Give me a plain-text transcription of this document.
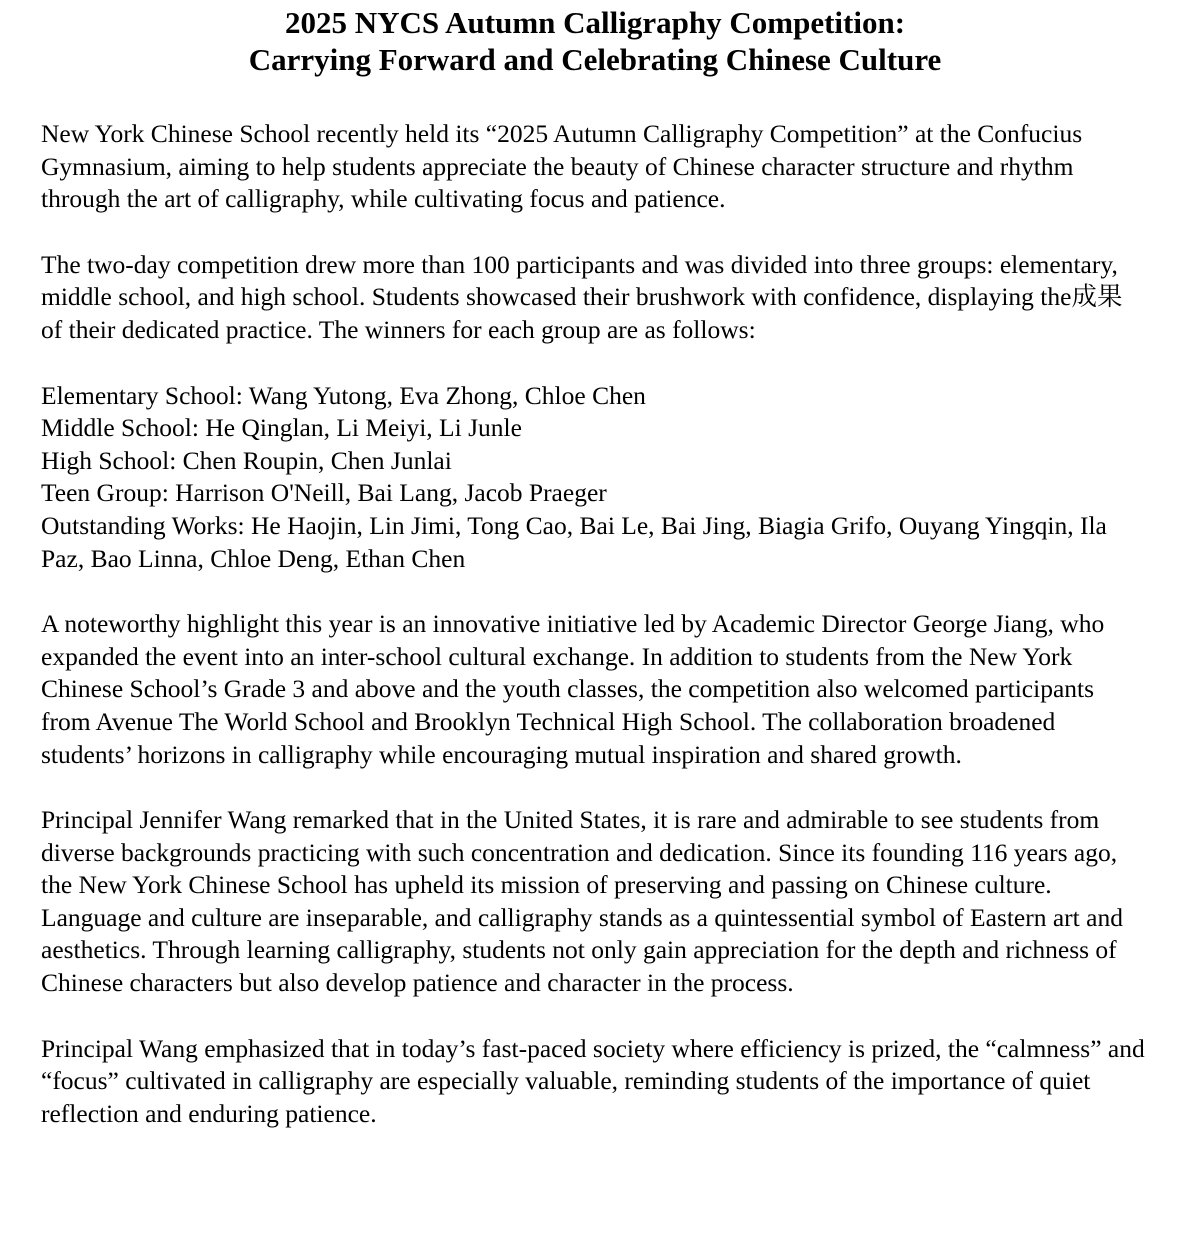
2025 NYCS Autumn Calligraphy Competition:
Carrying Forward and Celebrating Chinese Culture

New York Chinese School recently held its “2025 Autumn Calligraphy Competition” at the Confucius Gymnasium, aiming to help students appreciate the beauty of Chinese character structure and rhythm through the art of calligraphy, while cultivating focus and patience.

The two-day competition drew more than 100 participants and was divided into three groups: elementary, middle school, and high school. Students showcased their brushwork with confidence, displaying the成果 of their dedicated practice. The winners for each group are as follows:

Elementary School: Wang Yutong, Eva Zhong, Chloe Chen
Middle School: He Qinglan, Li Meiyi, Li Junle
High School: Chen Roupin, Chen Junlai
Teen Group: Harrison O'Neill, Bai Lang, Jacob Praeger
Outstanding Works: He Haojin, Lin Jimi, Tong Cao, Bai Le, Bai Jing, Biagia Grifo, Ouyang Yingqin, Ila Paz, Bao Linna, Chloe Deng, Ethan Chen

A noteworthy highlight this year is an innovative initiative led by Academic Director George Jiang, who expanded the event into an inter-school cultural exchange. In addition to students from the New York Chinese School’s Grade 3 and above and the youth classes, the competition also welcomed participants from Avenue The World School and Brooklyn Technical High School. The collaboration broadened students’ horizons in calligraphy while encouraging mutual inspiration and shared growth.

Principal Jennifer Wang remarked that in the United States, it is rare and admirable to see students from diverse backgrounds practicing with such concentration and dedication. Since its founding 116 years ago, the New York Chinese School has upheld its mission of preserving and passing on Chinese culture. Language and culture are inseparable, and calligraphy stands as a quintessential symbol of Eastern art and aesthetics. Through learning calligraphy, students not only gain appreciation for the depth and richness of Chinese characters but also develop patience and character in the process.

Principal Wang emphasized that in today’s fast-paced society where efficiency is prized, the “calmness” and “focus” cultivated in calligraphy are especially valuable, reminding students of the importance of quiet reflection and enduring patience.
